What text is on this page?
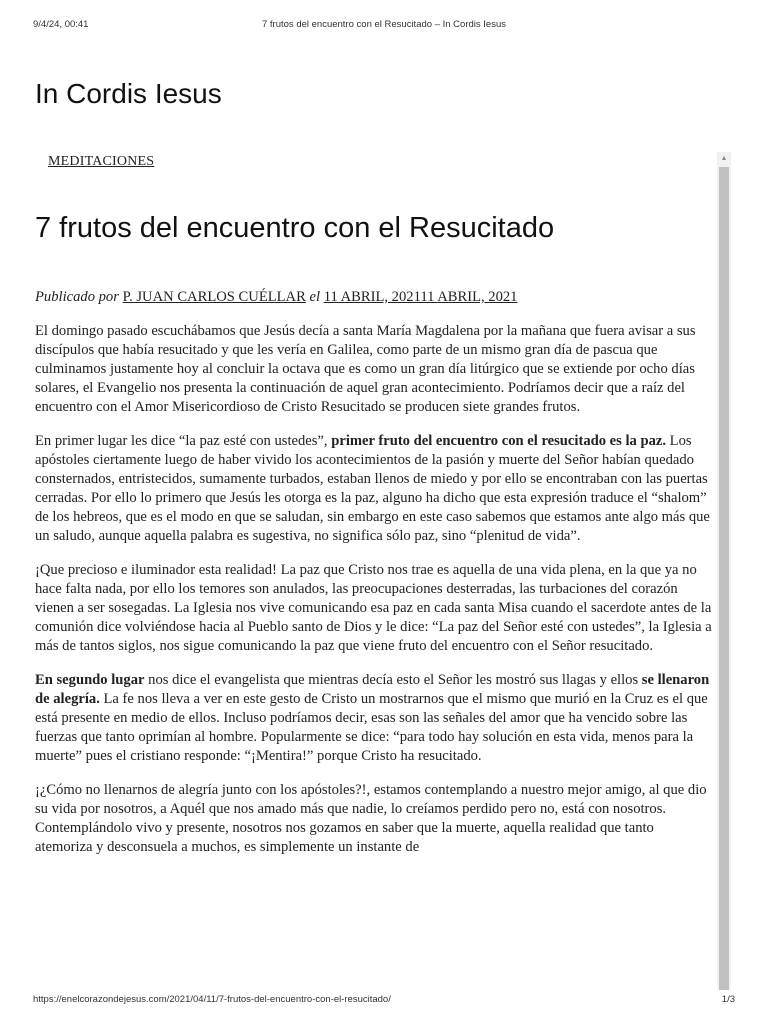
9/4/24, 00:41	7 frutos del encuentro con el Resucitado – In Cordis Iesus
In Cordis Iesus
MEDITACIONES
7 frutos del encuentro con el Resucitado

Publicado por P. JUAN CARLOS CUÉLLAR el 11 ABRIL, 202111 ABRIL, 2021

El domingo pasado escuchábamos que Jesús decía a santa María Magdalena por la mañana que fuera avisar a sus discípulos que había resucitado y que les vería en Galilea, como parte de un mismo gran día de pascua que culminamos justamente hoy al concluir la octava que es como un gran día litúrgico que se extiende por ocho días solares, el Evangelio nos presenta la continuación de aquel gran acontecimiento. Podríamos decir que a raíz del encuentro con el Amor Misericordioso de Cristo Resucitado se producen siete grandes frutos.

En primer lugar les dice “la paz esté con ustedes”, primer fruto del encuentro con el resucitado es la paz. Los apóstoles ciertamente luego de haber vivido los acontecimientos de la pasión y muerte del Señor habían quedado consternados, entristecidos, sumamente turbados, estaban llenos de miedo y por ello se encontraban con las puertas cerradas. Por ello lo primero que Jesús les otorga es la paz, alguno ha dicho que esta expresión traduce el “shalom” de los hebreos, que es el modo en que se saludan, sin embargo en este caso sabemos que estamos ante algo más que un saludo, aunque aquella palabra es sugestiva, no significa sólo paz, sino “plenitud de vida”.

¡Que precioso e iluminador esta realidad! La paz que Cristo nos trae es aquella de una vida plena, en la que ya no hace falta nada, por ello los temores son anulados, las preocupaciones desterradas, las turbaciones del corazón vienen a ser sosegadas. La Iglesia nos vive comunicando esa paz en cada santa Misa cuando el sacerdote antes de la comunión dice volviéndose hacia al Pueblo santo de Dios y le dice: “La paz del Señor esté con ustedes”, la Iglesia a más de tantos siglos, nos sigue comunicando la paz que viene fruto del encuentro con el Señor resucitado.

En segundo lugar nos dice el evangelista que mientras decía esto el Señor les mostró sus llagas y ellos se llenaron de alegría. La fe nos lleva a ver en este gesto de Cristo un mostrarnos que el mismo que murió en la Cruz es el que está presente en medio de ellos. Incluso podríamos decir, esas son las señales del amor que ha vencido sobre las fuerzas que tanto oprimían al hombre. Popularmente se dice: “para todo hay solución en esta vida, menos para la muerte” pues el cristiano responde: “¡Mentira!” porque Cristo ha resucitado.

¡¿Cómo no llenarnos de alegría junto con los apóstoles?!, estamos contemplando a nuestro mejor amigo, al que dio su vida por nosotros, a Aquél que nos amado más que nadie, lo creíamos perdido pero no, está con nosotros. Contemplándolo vivo y presente, nosotros nos gozamos en saber que la muerte, aquella realidad que tanto atemoriza y desconsuela a muchos, es simplemente un instante de

▲
https://enelcorazondejesus.com/2021/04/11/7-frutos-del-encuentro-con-el-resucitado/	1/3
